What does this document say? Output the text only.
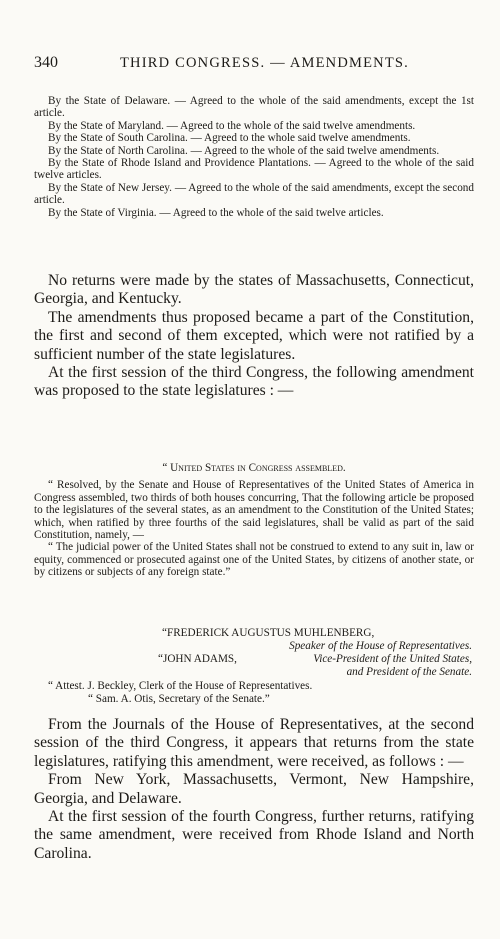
340	THIRD CONGRESS. — AMENDMENTS.

By the State of Delaware. — Agreed to the whole of the said amendments, except the 1st article.

By the State of Maryland. — Agreed to the whole of the said twelve amendments.

By the State of South Carolina. — Agreed to the whole said twelve amendments.

By the State of North Carolina. — Agreed to the whole of the said twelve amendments.

By the State of Rhode Island and Providence Plantations. — Agreed to the whole of the said twelve articles.

By the State of New Jersey. — Agreed to the whole of the said amendments, except the second article.

By the State of Virginia. — Agreed to the whole of the said twelve articles.

No returns were made by the states of Massachusetts, Connecticut, Georgia, and Kentucky.

The amendments thus proposed became a part of the Constitution, the first and second of them excepted, which were not ratified by a sufficient number of the state legislatures.

At the first session of the third Congress, the following amendment was proposed to the state legislatures : —

“ United States in Congress assembled.

“ Resolved, by the Senate and House of Representatives of the United States of America in Congress assembled, two thirds of both houses concurring, That the following article be proposed to the legislatures of the several states, as an amendment to the Constitution of the United States; which, when ratified by three fourths of the said legislatures, shall be valid as part of the said Constitution, namely, —

“ The judicial power of the United States shall not be construed to extend to any suit in, law or equity, commenced or prosecuted against one of the United States, by citizens of another state, or by citizens or subjects of any foreign state.”

“FREDERICK AUGUSTUS MUHLENBERG,
Speaker of the House of Representatives.
“JOHN ADAMS,	Vice-President of the United States,
and President of the Senate.
“ Attest. J. Beckley, Clerk of the House of Representatives.
“ Sam. A. Otis, Secretary of the Senate.”

From the Journals of the House of Representatives, at the second session of the third Congress, it appears that returns from the state legislatures, ratifying this amendment, were received, as follows : —

From New York, Massachusetts, Vermont, New Hampshire, Georgia, and Delaware.

At the first session of the fourth Congress, further returns, ratifying the same amendment, were received from Rhode Island and North Carolina.
